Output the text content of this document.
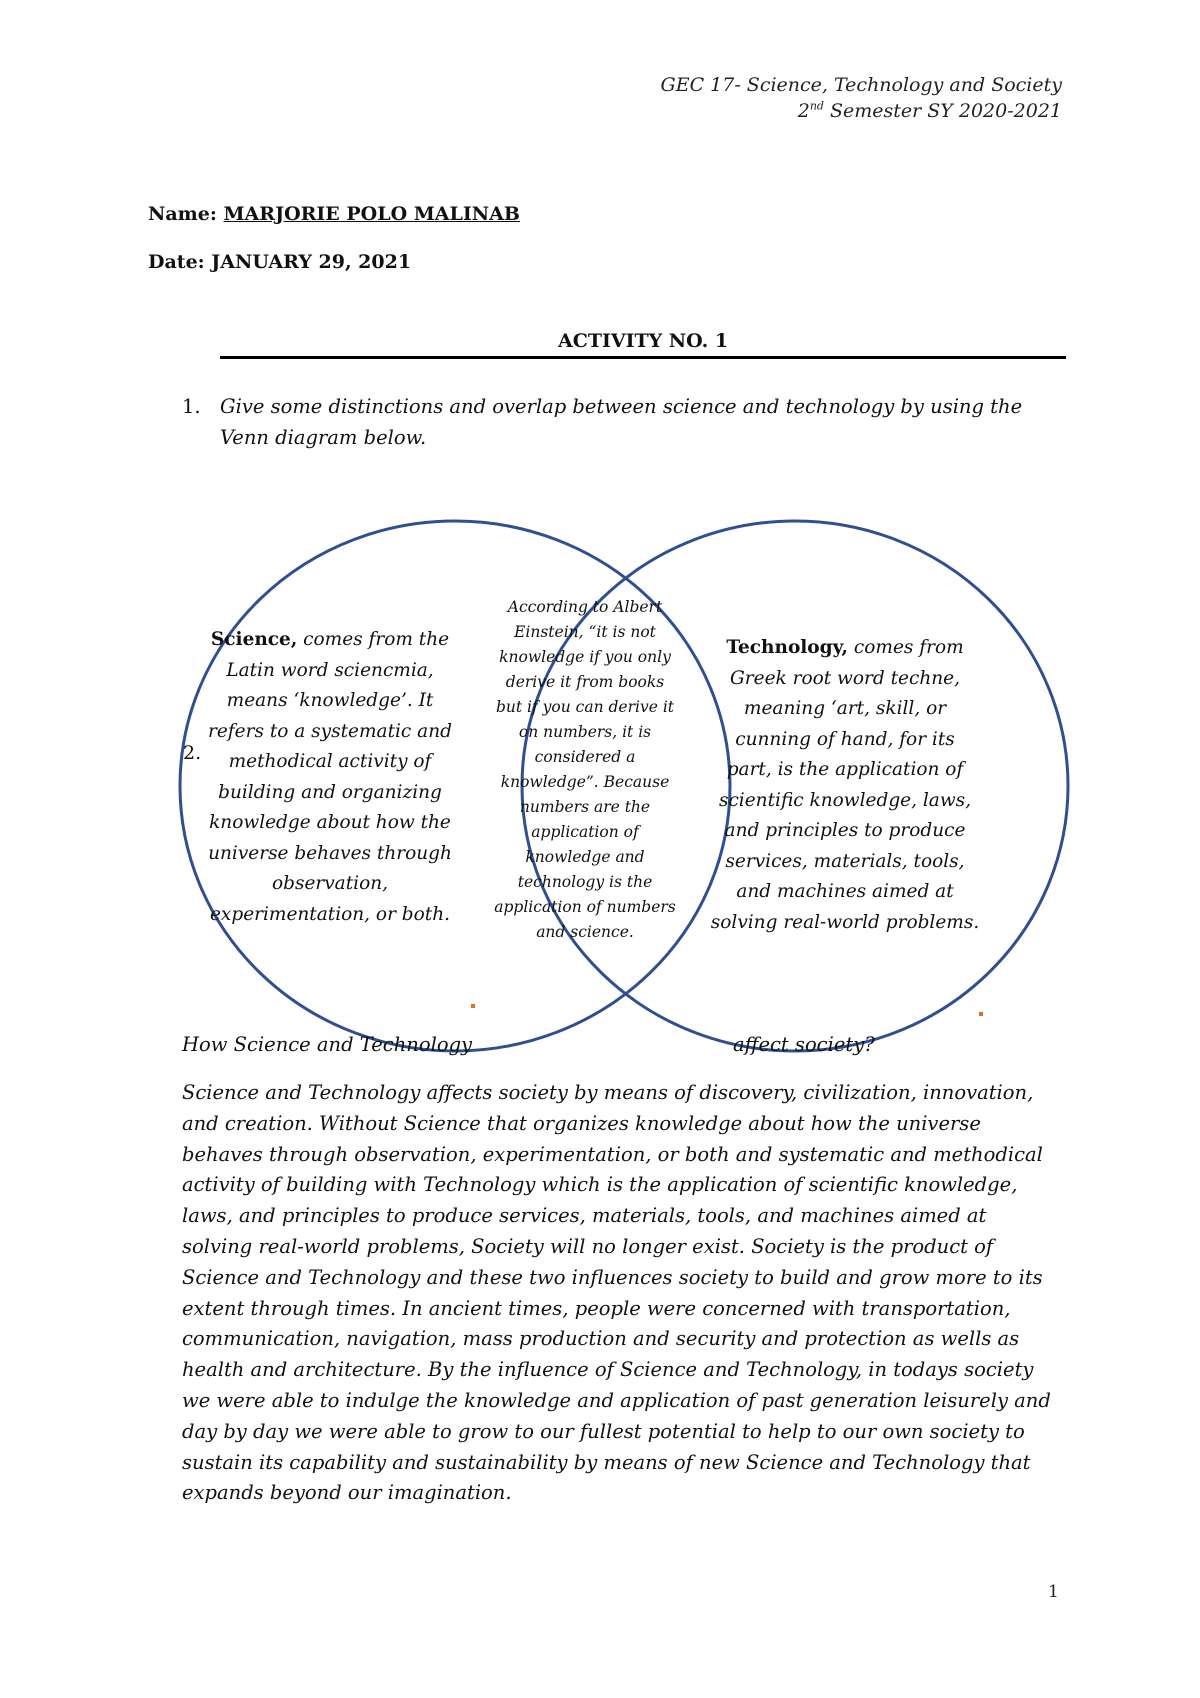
GEC 17- Science, Technology and Society
2nd Semester SY 2020-2021
Name: MARJORIE POLO MALINAB
Date: JANUARY 29, 2021
ACTIVITY NO. 1
1. Give some distinctions and overlap between science and technology by using the Venn diagram below.
Science, comes from the Latin word sciencтia, means ‘knowledge’. It refers to a systematic and methodical activity of building and organizing knowledge about how the universe behaves through observation, experimentation, or both.
According to Albert Einstein, “it is not knowledge if you only derive it from books but if you can derive it on numbers, it is considered a knowledge”. Because numbers are the application of knowledge and technology is the application of numbers and science.
Technology, comes from Greek root word techne, meaning ‘art, skill, or cunning of hand, for its part, is the application of scientific knowledge, laws, and principles to produce services, materials, tools, and machines aimed at solving real-world problems.
2.
How Science and Technology	affect society?

Science and Technology affects society by means of discovery, civilization, innovation, and creation. Without Science that organizes knowledge about how the universe behaves through observation, experimentation, or both and systematic and methodical activity of building with Technology which is the application of scientific knowledge, laws, and principles to produce services, materials, tools, and machines aimed at solving real-world problems, Society will no longer exist. Society is the product of Science and Technology and these two influences society to build and grow more to its extent through times. In ancient times, people were concerned with transportation, communication, navigation, mass production and security and protection as wells as health and architecture. By the influence of Science and Technology, in todays society we were able to indulge the knowledge and application of past generation leisurely and day by day we were able to grow to our fullest potential to help to our own society to sustain its capability and sustainability by means of new Science and Technology that expands beyond our imagination.

1
